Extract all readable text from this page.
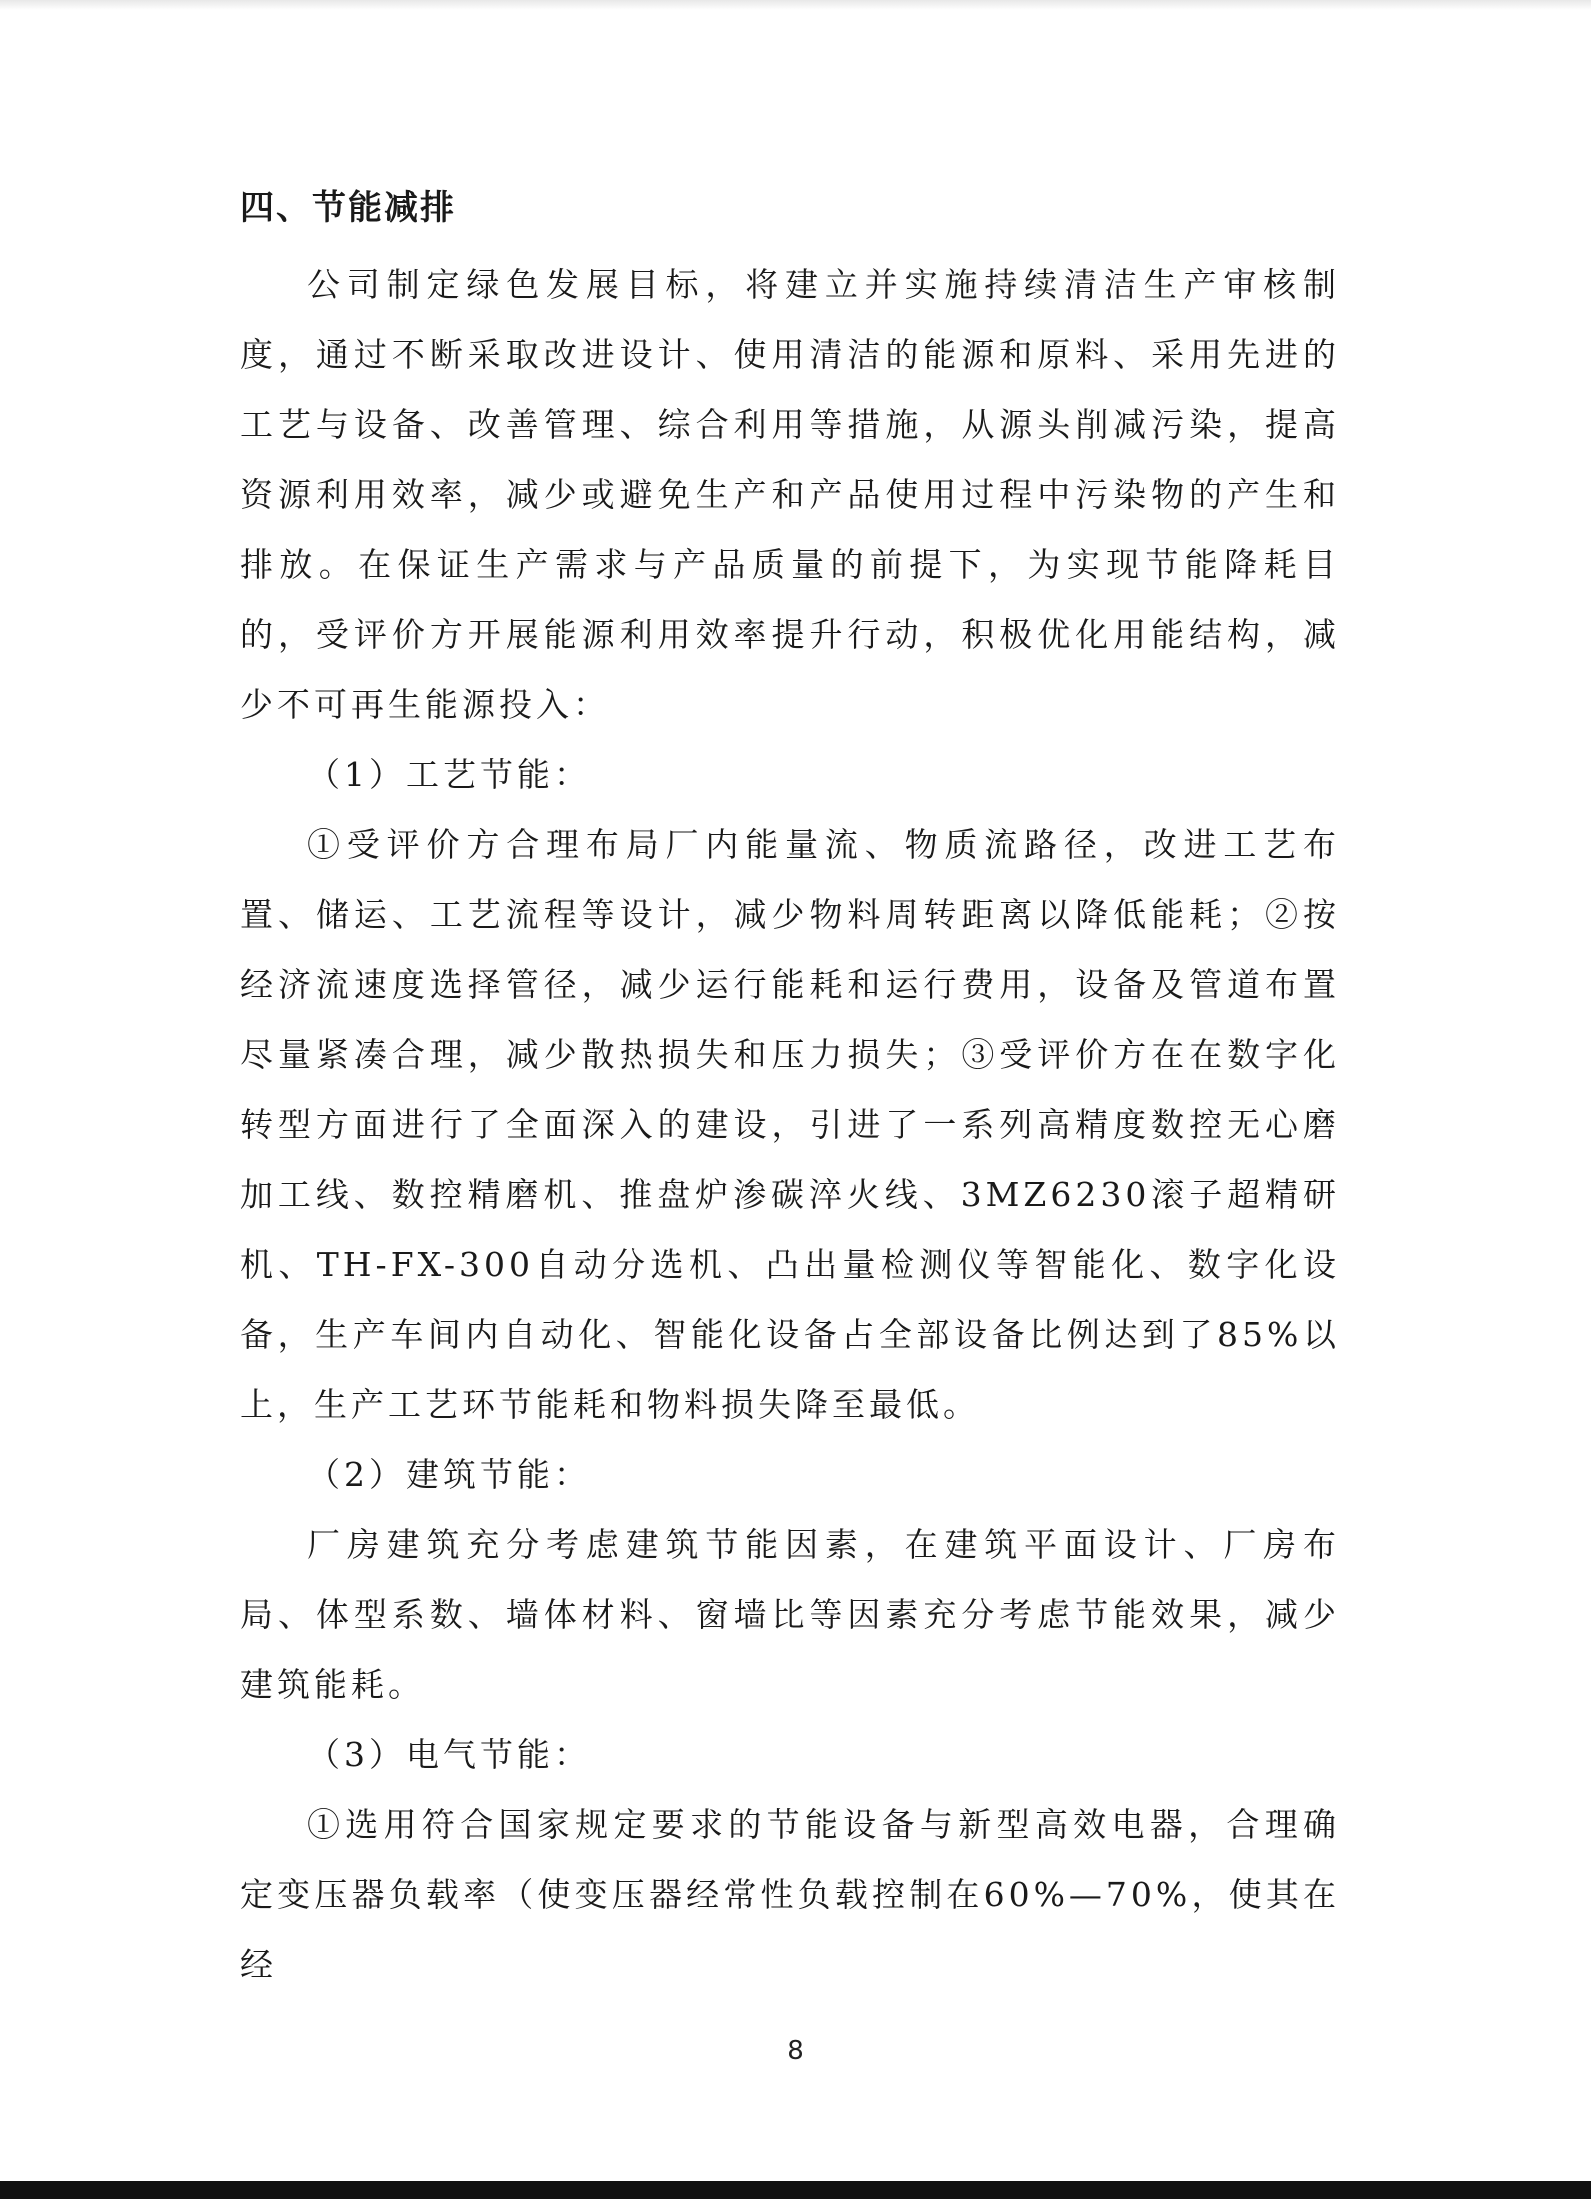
四、节能减排

公司制定绿色发展目标，将建立并实施持续清洁生产审核制度，通过不断采取改进设计、使用清洁的能源和原料、采用先进的工艺与设备、改善管理、综合利用等措施，从源头削减污染，提高资源利用效率，减少或避免生产和产品使用过程中污染物的产生和排放。在保证生产需求与产品质量的前提下，为实现节能降耗目的，受评价方开展能源利用效率提升行动，积极优化用能结构，减少不可再生能源投入：

（1）工艺节能：

①受评价方合理布局厂内能量流、物质流路径，改进工艺布置、储运、工艺流程等设计，减少物料周转距离以降低能耗；②按经济流速度选择管径，减少运行能耗和运行费用，设备及管道布置尽量紧凑合理，减少散热损失和压力损失；③受评价方在在数字化转型方面进行了全面深入的建设，引进了一系列高精度数控无心磨加工线、数控精磨机、推盘炉渗碳淬火线、3MZ6230滚子超精研机、TH-FX-300自动分选机、凸出量检测仪等智能化、数字化设备，生产车间内自动化、智能化设备占全部设备比例达到了85%以上，生产工艺环节能耗和物料损失降至最低。

（2）建筑节能：

厂房建筑充分考虑建筑节能因素，在建筑平面设计、厂房布局、体型系数、墙体材料、窗墙比等因素充分考虑节能效果，减少建筑能耗。

（3）电气节能：

①选用符合国家规定要求的节能设备与新型高效电器，合理确定变压器负载率（使变压器经常性负载控制在60%—70%，使其在经

8
